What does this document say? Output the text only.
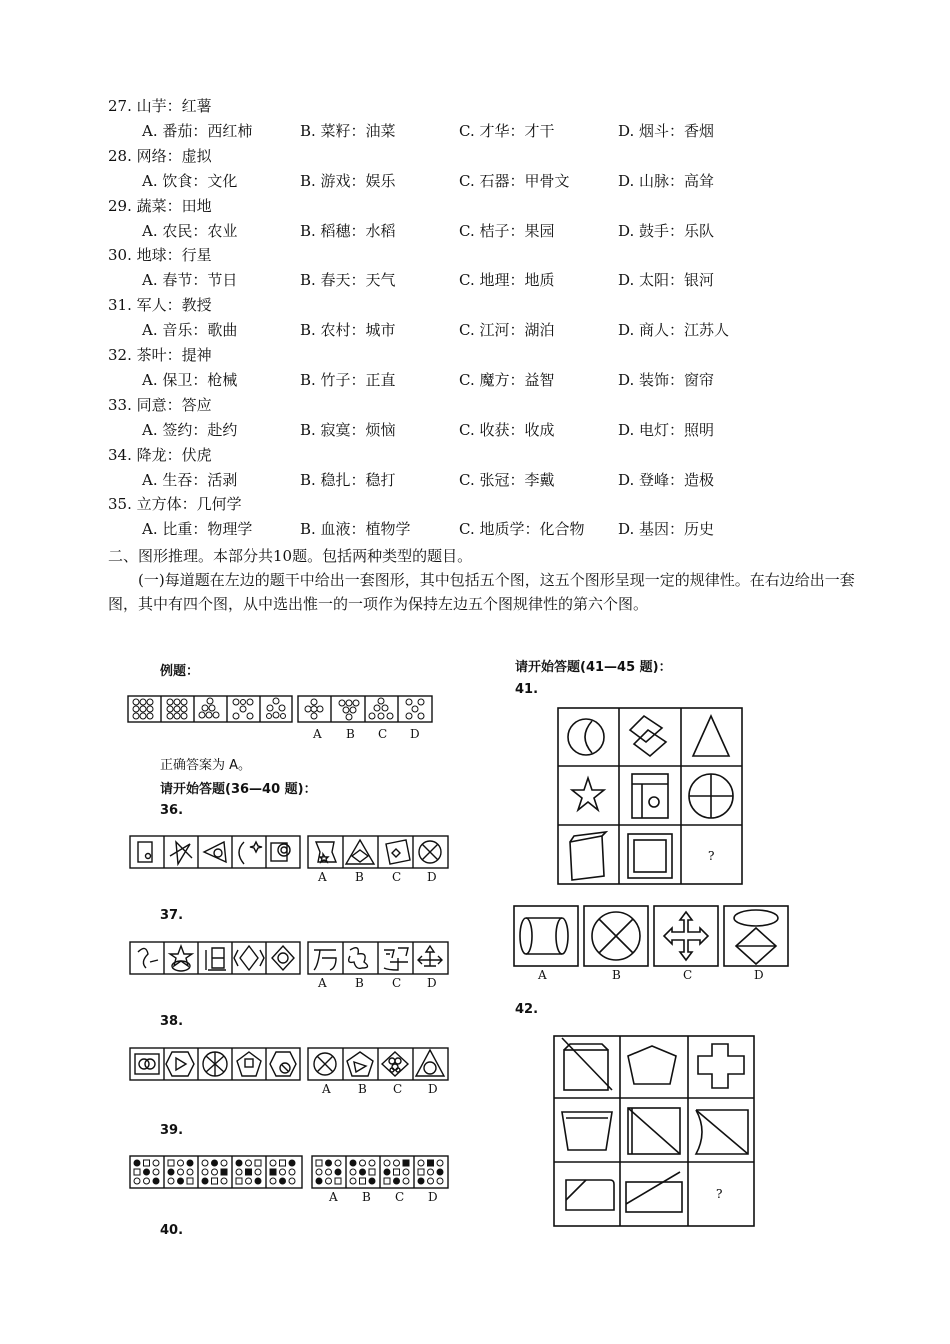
27. 山芋：红薯
A. 番茄：西红柿	B. 菜籽：油菜	C. 才华：才干	D. 烟斗：香烟
28. 网络：虚拟
A. 饮食：文化	B. 游戏：娱乐	C. 石器：甲骨文	D. 山脉：高耸
29. 蔬菜：田地
A. 农民：农业	B. 稻穗：水稻	C. 桔子：果园	D. 鼓手：乐队
30. 地球：行星
A. 春节：节日	B. 春天：天气	C. 地理：地质	D. 太阳：银河
31. 军人：教授
A. 音乐：歌曲	B. 农村：城市	C. 江河：湖泊	D. 商人：江苏人
32. 茶叶：提神
A. 保卫：枪械	B. 竹子：正直	C. 魔方：益智	D. 装饰：窗帘
33. 同意：答应
A. 签约：赴约	B. 寂寞：烦恼	C. 收获：收成	D. 电灯：照明
34. 降龙：伏虎
A. 生吞：活剥	B. 稳扎：稳打	C. 张冠：李戴	D. 登峰：造极
35. 立方体：几何学
A. 比重：物理学	B. 血液：植物学	C. 地质学：化合物 D. 基因：历史
二、图形推理。本部分共10题。包括两种类型的题目。
(一)每道题在左边的题干中给出一套图形，其中包括五个图，这五个图形呈现一定的规律性。在右边给出一套图，其中有四个图，从中选出惟一的一项作为保持左边五个图规律性的第六个图。
例题：
A B C D
正确答案为 A。
请开始答题(36—40 题)：
36.
A B C D
37.
A B C D
38.
A B C D
39.
A B C D
40.
请开始答题(41—45 题)：
41.
?
A	B	C	D
42.
?
